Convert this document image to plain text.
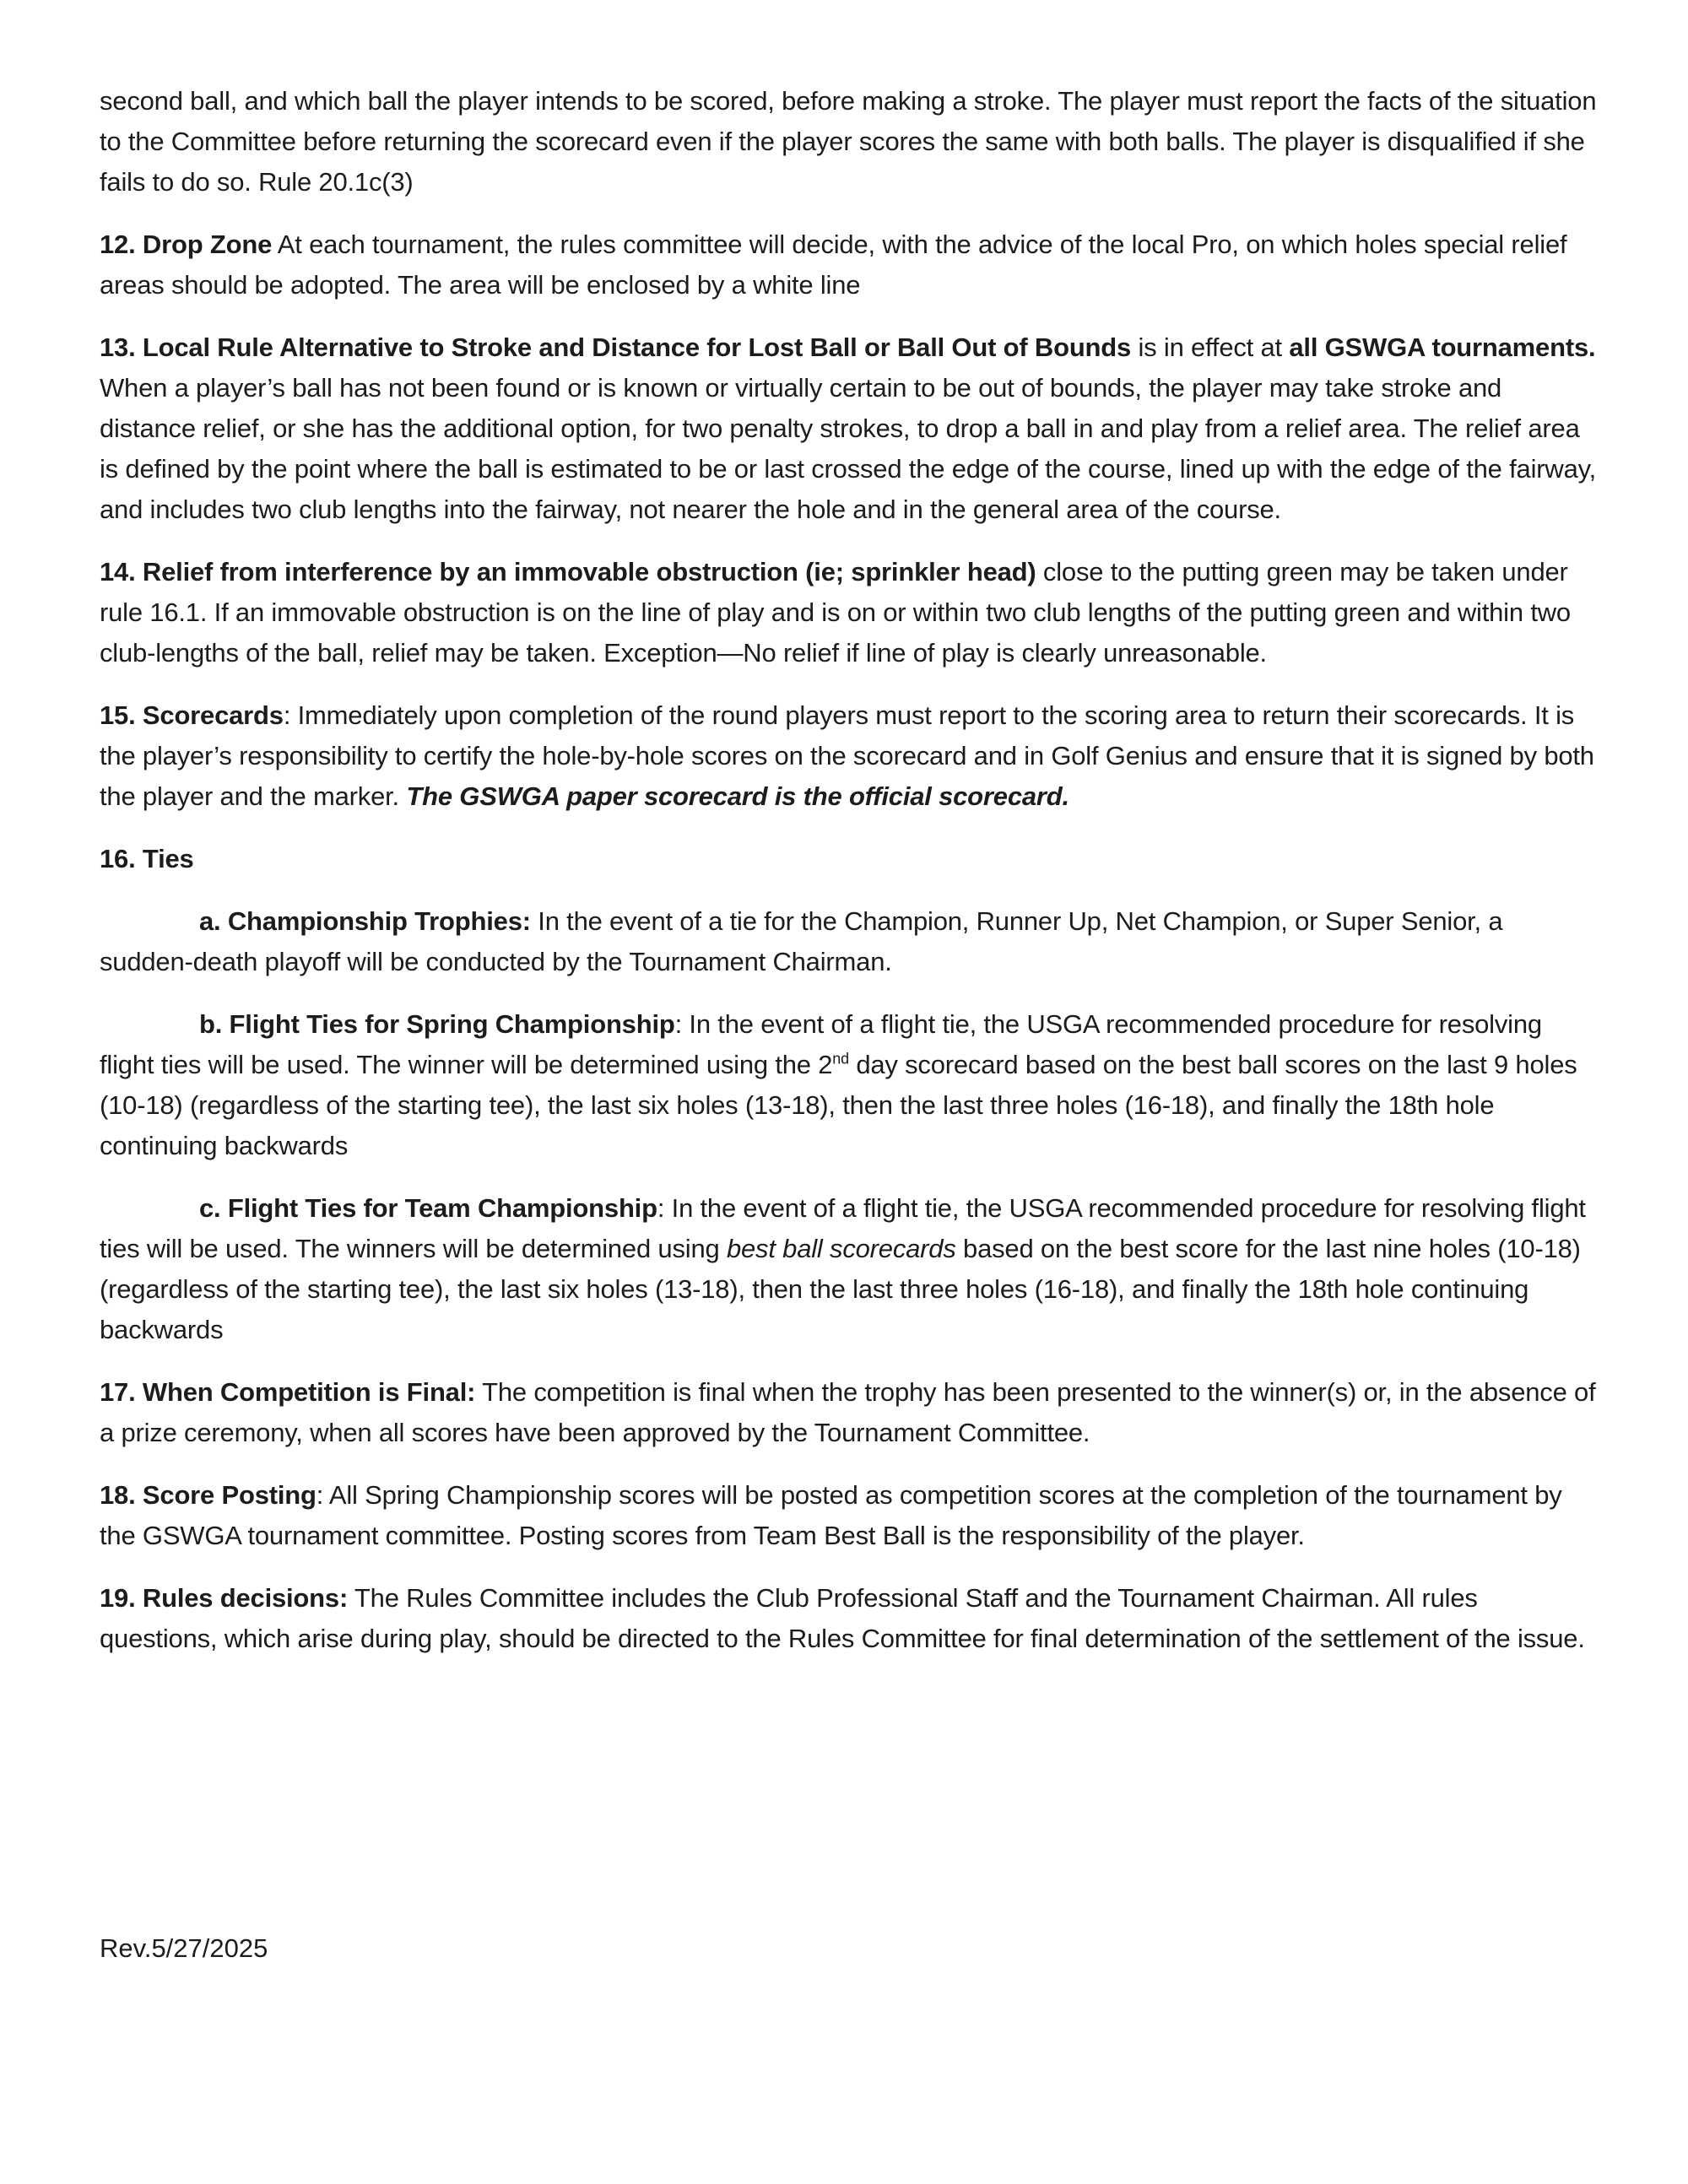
second ball, and which ball the player intends to be scored, before making a stroke. The player must report the facts of the situation to the Committee before returning the scorecard even if the player scores the same with both balls. The player is disqualified if she fails to do so. Rule 20.1c(3)

12. Drop Zone At each tournament, the rules committee will decide, with the advice of the local Pro, on which holes special relief areas should be adopted. The area will be enclosed by a white line

13. Local Rule Alternative to Stroke and Distance for Lost Ball or Ball Out of Bounds is in effect at all GSWGA tournaments. When a player’s ball has not been found or is known or virtually certain to be out of bounds, the player may take stroke and distance relief, or she has the additional option, for two penalty strokes, to drop a ball in and play from a relief area. The relief area is defined by the point where the ball is estimated to be or last crossed the edge of the course, lined up with the edge of the fairway, and includes two club lengths into the fairway, not nearer the hole and in the general area of the course.

14. Relief from interference by an immovable obstruction (ie; sprinkler head) close to the putting green may be taken under rule 16.1. If an immovable obstruction is on the line of play and is on or within two club lengths of the putting green and within two club-lengths of the ball, relief may be taken. Exception—No relief if line of play is clearly unreasonable.

15. Scorecards: Immediately upon completion of the round players must report to the scoring area to return their scorecards. It is the player’s responsibility to certify the hole-by-hole scores on the scorecard and in Golf Genius and ensure that it is signed by both the player and the marker. The GSWGA paper scorecard is the official scorecard.

16. Ties

a. Championship Trophies: In the event of a tie for the Champion, Runner Up, Net Champion, or Super Senior, a sudden-death playoff will be conducted by the Tournament Chairman.

b. Flight Ties for Spring Championship: In the event of a flight tie, the USGA recommended procedure for resolving flight ties will be used. The winner will be determined using the 2nd day scorecard based on the best ball scores on the last 9 holes (10-18) (regardless of the starting tee), the last six holes (13-18), then the last three holes (16-18), and finally the 18th hole continuing backwards

c. Flight Ties for Team Championship: In the event of a flight tie, the USGA recommended procedure for resolving flight ties will be used. The winners will be determined using best ball scorecards based on the best score for the last nine holes (10-18) (regardless of the starting tee), the last six holes (13-18), then the last three holes (16-18), and finally the 18th hole continuing backwards

17. When Competition is Final: The competition is final when the trophy has been presented to the winner(s) or, in the absence of a prize ceremony, when all scores have been approved by the Tournament Committee.

18. Score Posting: All Spring Championship scores will be posted as competition scores at the completion of the tournament by the GSWGA tournament committee. Posting scores from Team Best Ball is the responsibility of the player.

19. Rules decisions: The Rules Committee includes the Club Professional Staff and the Tournament Chairman. All rules questions, which arise during play, should be directed to the Rules Committee for final determination of the settlement of the issue.

Rev.5/27/2025
